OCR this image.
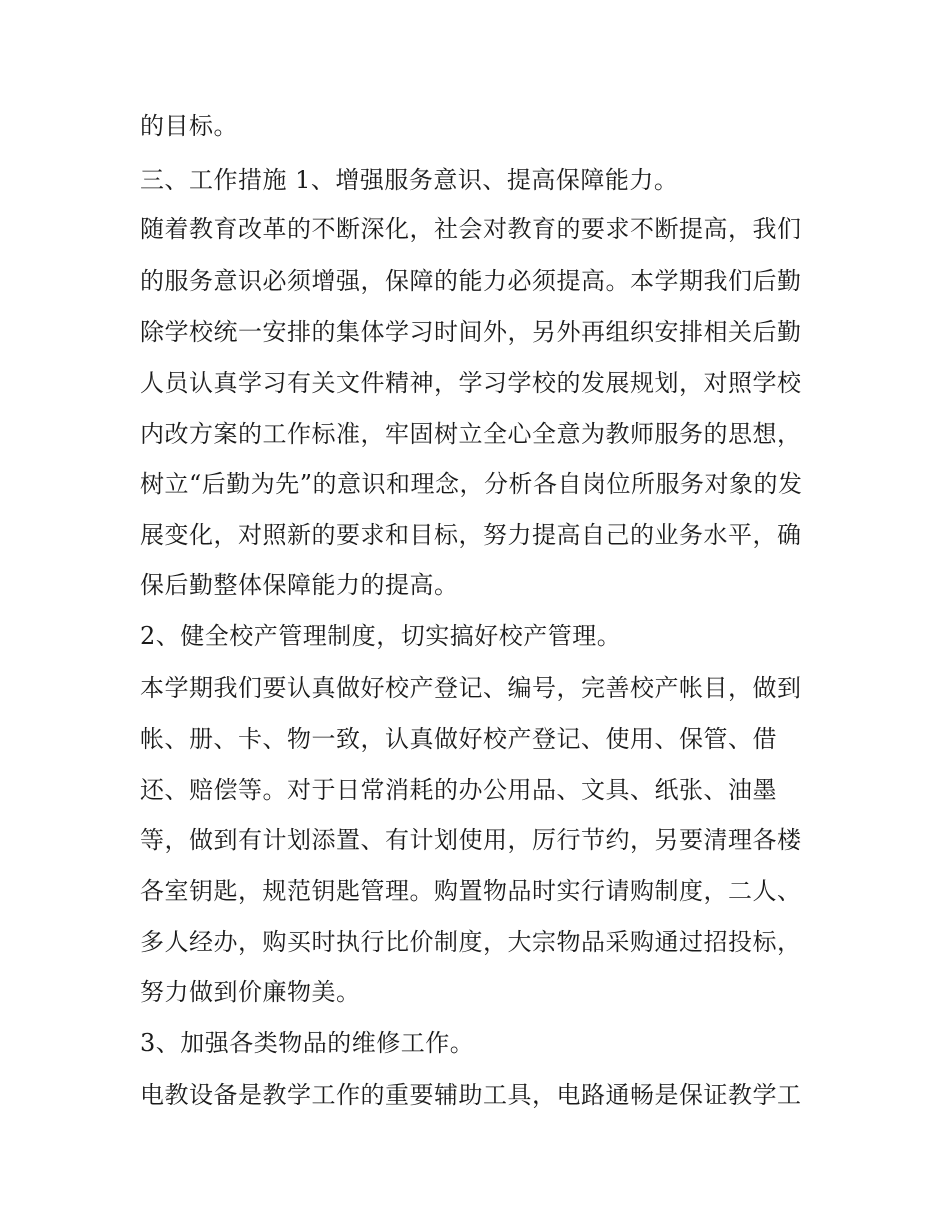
的目标。
三、工作措施 1、增强服务意识、提高保障能力。
随着教育改革的不断深化，社会对教育的要求不断提高，我们
的服务意识必须增强，保障的能力必须提高。本学期我们后勤
除学校统一安排的集体学习时间外，另外再组织安排相关后勤
人员认真学习有关文件精神，学习学校的发展规划，对照学校
内改方案的工作标准，牢固树立全心全意为教师服务的思想，
树立“后勤为先”的意识和理念，分析各自岗位所服务对象的发
展变化，对照新的要求和目标，努力提高自己的业务水平，确
保后勤整体保障能力的提高。
2、健全校产管理制度，切实搞好校产管理。
本学期我们要认真做好校产登记、编号，完善校产帐目，做到
帐、册、卡、物一致，认真做好校产登记、使用、保管、借
还、赔偿等。对于日常消耗的办公用品、文具、纸张、油墨
等，做到有计划添置、有计划使用，厉行节约，另要清理各楼
各室钥匙，规范钥匙管理。购置物品时实行请购制度，二人、
多人经办，购买时执行比价制度，大宗物品采购通过招投标，
努力做到价廉物美。
3、加强各类物品的维修工作。
电教设备是教学工作的重要辅助工具，电路通畅是保证教学工
